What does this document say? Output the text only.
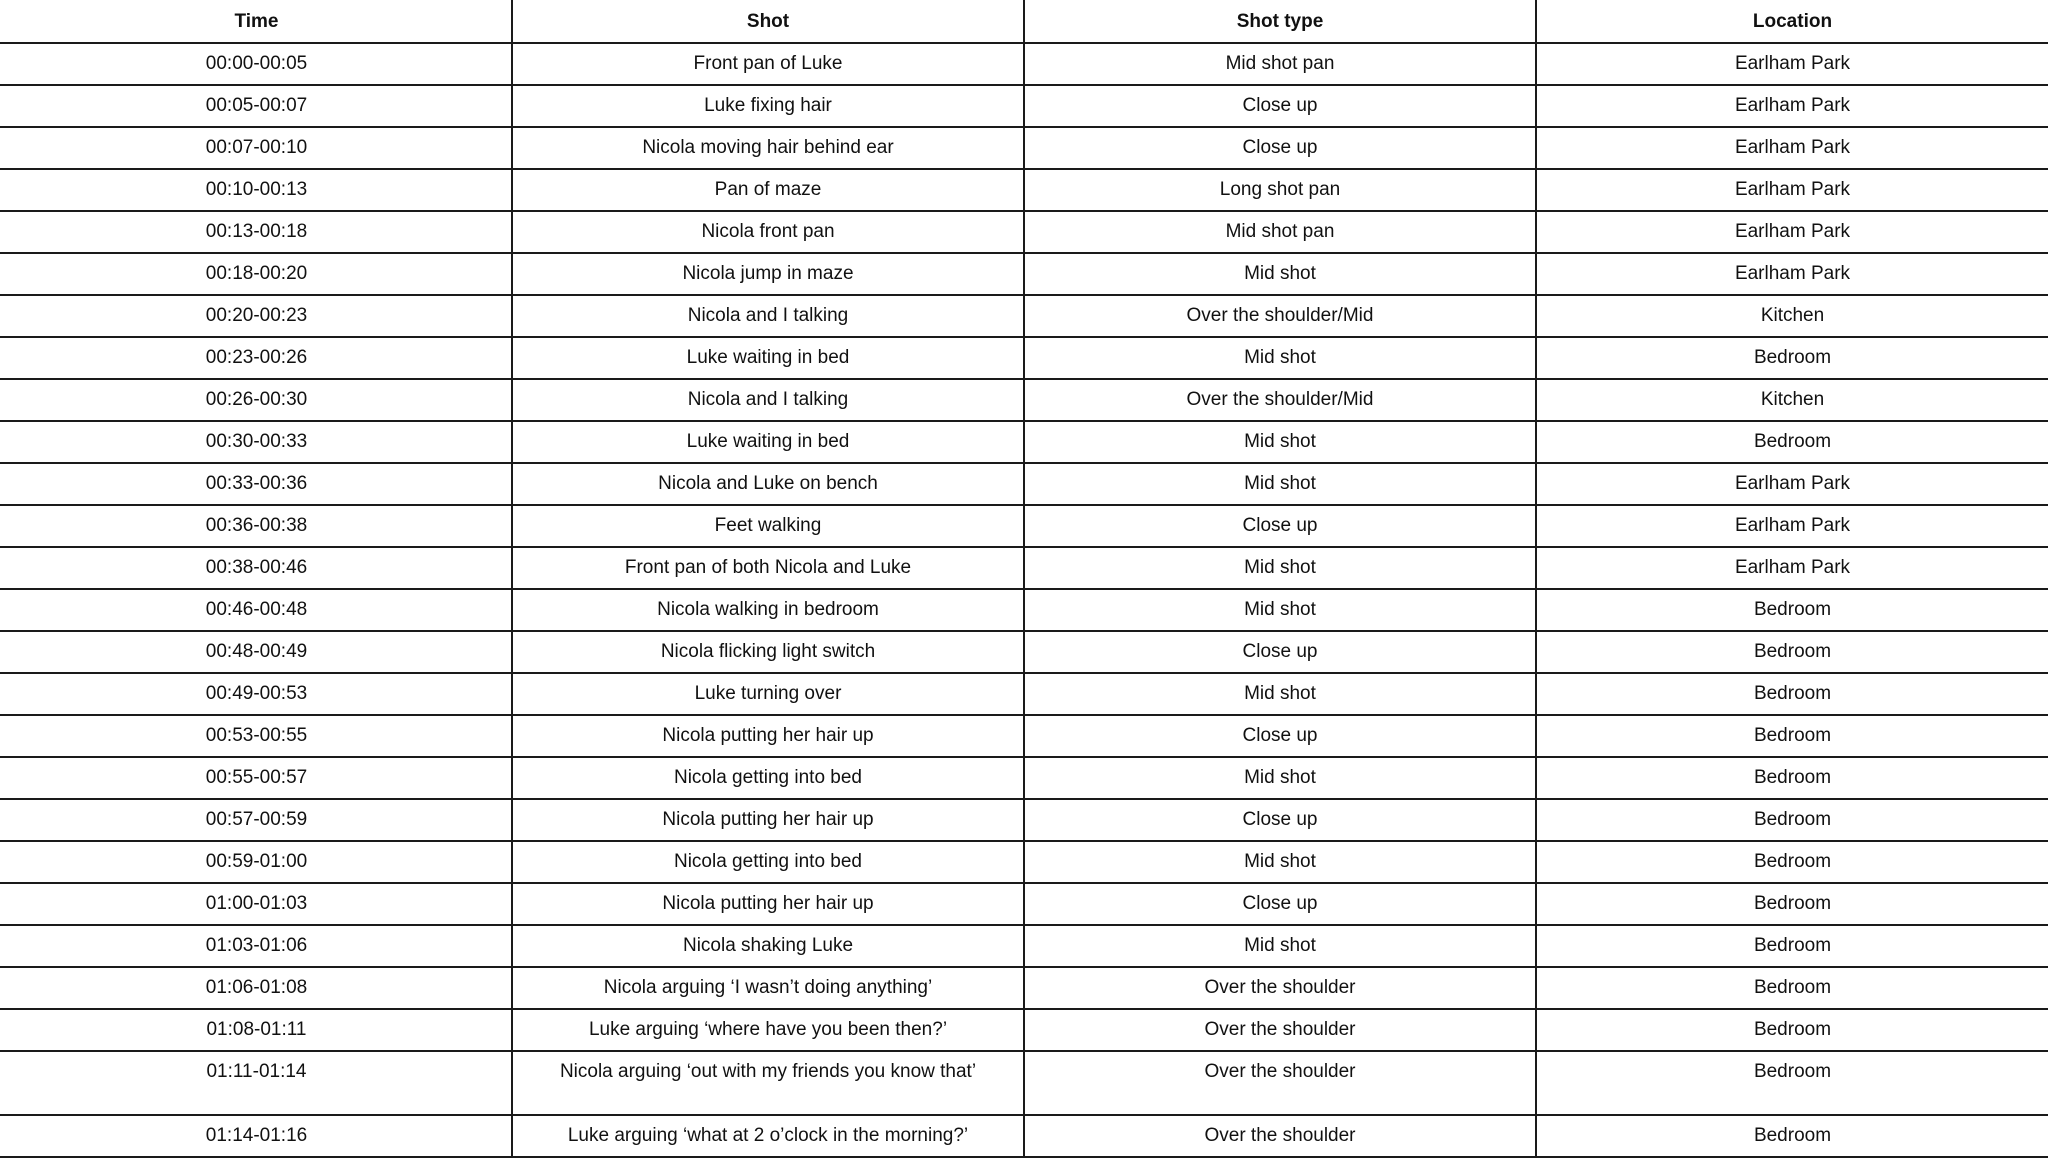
Time	Shot	Shot type	Location
00:00-00:05	Front pan of Luke	Mid shot pan	Earlham Park
00:05-00:07	Luke fixing hair	Close up	Earlham Park
00:07-00:10	Nicola moving hair behind ear	Close up	Earlham Park
00:10-00:13	Pan of maze	Long shot pan	Earlham Park
00:13-00:18	Nicola front pan	Mid shot pan	Earlham Park
00:18-00:20	Nicola jump in maze	Mid shot	Earlham Park
00:20-00:23	Nicola and I talking	Over the shoulder/Mid	Kitchen
00:23-00:26	Luke waiting in bed	Mid shot	Bedroom
00:26-00:30	Nicola and I talking	Over the shoulder/Mid	Kitchen
00:30-00:33	Luke waiting in bed	Mid shot	Bedroom
00:33-00:36	Nicola and Luke on bench	Mid shot	Earlham Park
00:36-00:38	Feet walking	Close up	Earlham Park
00:38-00:46	Front pan of both Nicola and Luke	Mid shot	Earlham Park
00:46-00:48	Nicola walking in bedroom	Mid shot	Bedroom
00:48-00:49	Nicola flicking light switch	Close up	Bedroom
00:49-00:53	Luke turning over	Mid shot	Bedroom
00:53-00:55	Nicola putting her hair up	Close up	Bedroom
00:55-00:57	Nicola getting into bed	Mid shot	Bedroom
00:57-00:59	Nicola putting her hair up	Close up	Bedroom
00:59-01:00	Nicola getting into bed	Mid shot	Bedroom
01:00-01:03	Nicola putting her hair up	Close up	Bedroom
01:03-01:06	Nicola shaking Luke	Mid shot	Bedroom
01:06-01:08	Nicola arguing ‘I wasn’t doing anything’	Over the shoulder	Bedroom
01:08-01:11	Luke arguing ‘where have you been then?’	Over the shoulder	Bedroom
01:11-01:14	Nicola arguing ‘out with my friends you know that’	Over the shoulder	Bedroom
01:14-01:16	Luke arguing ‘what at 2 o’clock in the morning?’	Over the shoulder	Bedroom
